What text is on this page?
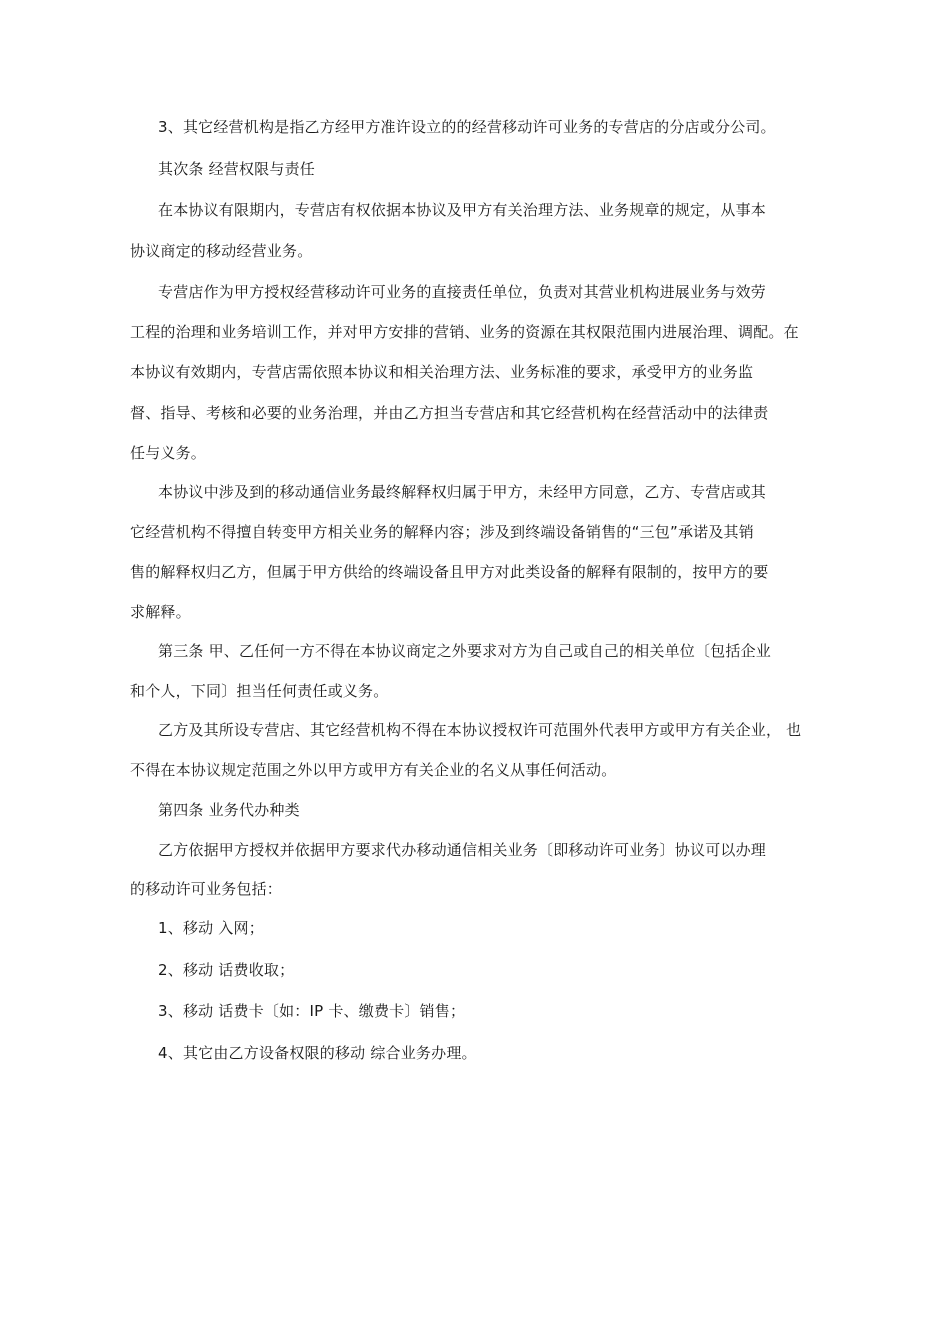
3、其它经营机构是指乙方经甲方准许设立的的经营移动许可业务的专营店的分店或分公司。
其次条 经营权限与责任
在本协议有限期内，专营店有权依据本协议及甲方有关治理方法、业务规章的规定，从事本
协议商定的移动经营业务。
专营店作为甲方授权经营移动许可业务的直接责任单位，负责对其营业机构进展业务与效劳
工程的治理和业务培训工作，并对甲方安排的营销、业务的资源在其权限范围内进展治理、调配。在
本协议有效期内，专营店需依照本协议和相关治理方法、业务标准的要求，承受甲方的业务监
督、指导、考核和必要的业务治理，并由乙方担当专营店和其它经营机构在经营活动中的法律责
任与义务。
本协议中涉及到的移动通信业务最终解释权归属于甲方，未经甲方同意，乙方、专营店或其
它经营机构不得擅自转变甲方相关业务的解释内容；涉及到终端设备销售的“三包”承诺及其销
售的解释权归乙方，但属于甲方供给的终端设备且甲方对此类设备的解释有限制的，按甲方的要
求解释。
第三条 甲、乙任何一方不得在本协议商定之外要求对方为自己或自己的相关单位〔包括企业
和个人，下同〕担当任何责任或义务。
乙方及其所设专营店、其它经营机构不得在本协议授权许可范围外代表甲方或甲方有关企业， 也
不得在本协议规定范围之外以甲方或甲方有关企业的名义从事任何活动。
第四条 业务代办种类
乙方依据甲方授权并依据甲方要求代办移动通信相关业务〔即移动许可业务〕协议可以办理
的移动许可业务包括：
1、移动 入网；
2、移动 话费收取；
3、移动 话费卡〔如：IP 卡、缴费卡〕销售；
4、其它由乙方设备权限的移动 综合业务办理。
